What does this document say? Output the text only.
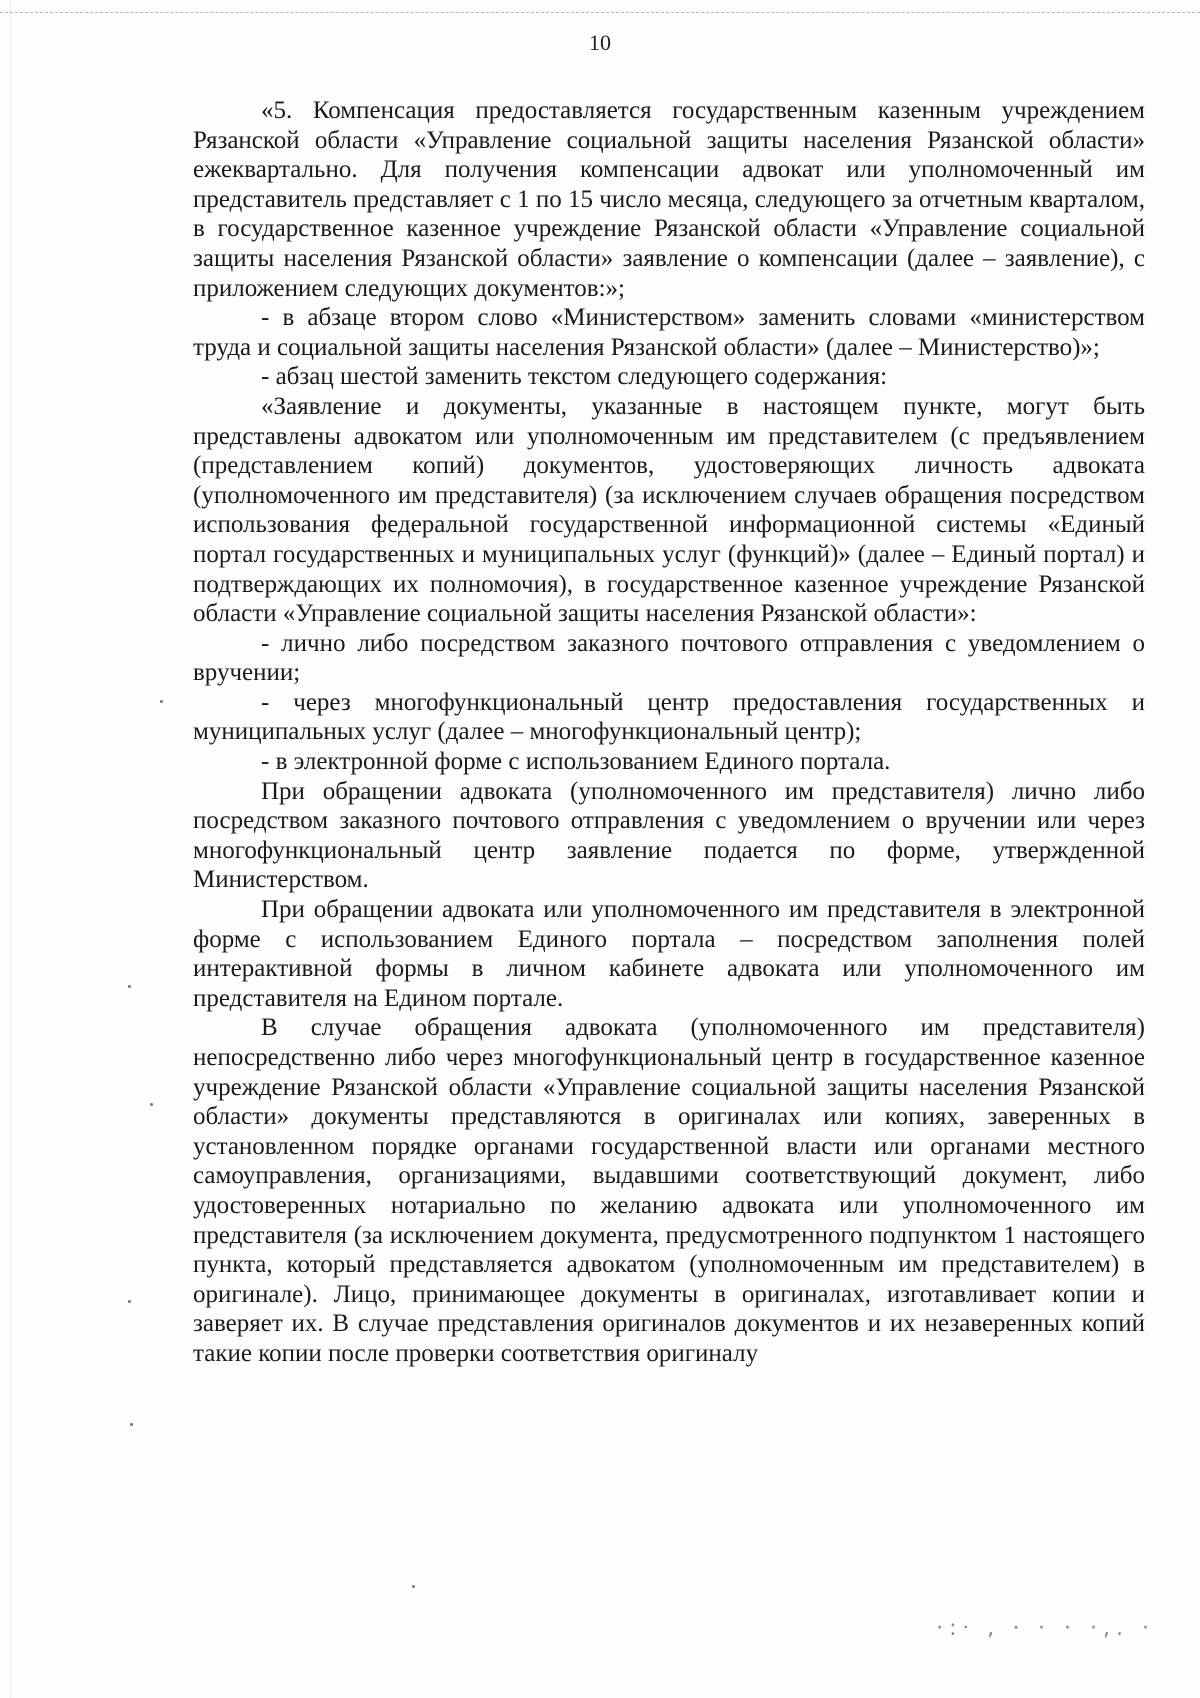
10

«5. Компенсация предоставляется государственным казенным учреждением Рязанской области «Управление социальной защиты населения Рязанской области» ежеквартально. Для получения компенсации адвокат или уполномоченный им представитель представляет с 1 по 15 число месяца, следующего за отчетным кварталом, в государственное казенное учреждение Рязанской области «Управление социальной защиты населения Рязанской области» заявление о компенсации (далее – заявление), с приложением следующих документов:»;

- в абзаце втором слово «Министерством» заменить словами «министерством труда и социальной защиты населения Рязанской области» (далее – Министерство)»;

- абзац шестой заменить текстом следующего содержания:

«Заявление и документы, указанные в настоящем пункте, могут быть представлены адвокатом или уполномоченным им представителем (с предъявлением (представлением копий) документов, удостоверяющих личность адвоката (уполномоченного им представителя) (за исключением случаев обращения посредством использования федеральной государственной информационной системы «Единый портал государственных и муниципальных услуг (функций)» (далее – Единый портал) и подтверждающих их полномочия), в государственное казенное учреждение Рязанской области «Управление социальной защиты населения Рязанской области»:

- лично либо посредством заказного почтового отправления с уведомлением о вручении;

- через многофункциональный центр предоставления государственных и муниципальных услуг (далее – многофункциональный центр);

- в электронной форме с использованием Единого портала.

При обращении адвоката (уполномоченного им представителя) лично либо посредством заказного почтового отправления с уведомлением о вручении или через многофункциональный центр заявление подается по форме, утвержденной Министерством.

При обращении адвоката или уполномоченного им представителя в электронной форме с использованием Единого портала – посредством заполнения полей интерактивной формы в личном кабинете адвоката или уполномоченного им представителя на Едином портале.

В случае обращения адвоката (уполномоченного им представителя) непосредственно либо через многофункциональный центр в государственное казенное учреждение Рязанской области «Управление социальной защиты населения Рязанской области» документы представляются в оригиналах или копиях, заверенных в установленном порядке органами государственной власти или органами местного самоуправления, организациями, выдавшими соответствующий документ, либо удостоверенных нотариально по желанию адвоката или уполномоченного им представителя (за исключением документа, предусмотренного подпунктом 1 настоящего пункта, который представляется адвокатом (уполномоченным им представителем) в оригинале). Лицо, принимающее документы в оригиналах, изготавливает копии и заверяет их. В случае представления оригиналов документов и их незаверенных копий такие копии после проверки соответствия оригиналу

·:ᐧ , ⸱ · · ·,. ·
